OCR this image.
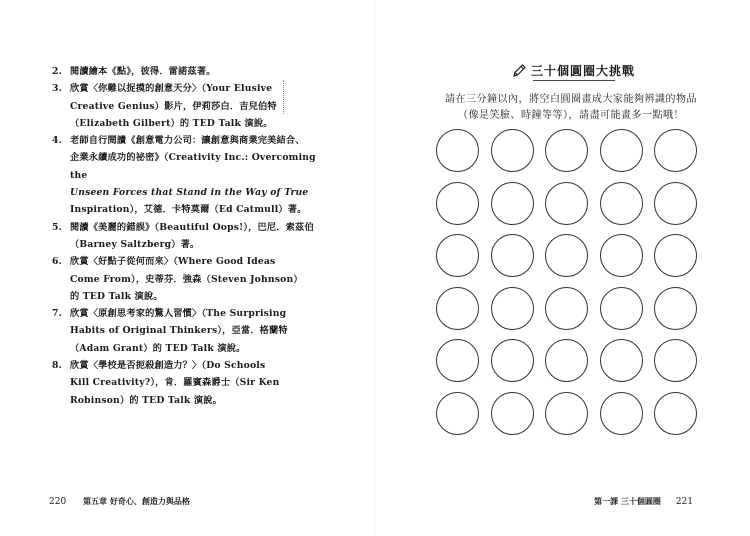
2. 閱讀繪本《點》，彼得．雷諾茲著。
3. 欣賞〈你難以捉摸的創意天分〉（Your Elusive
Creative Genius）影片，伊莉莎白．吉兒伯特
（Elizabeth Gilbert）的 TED Talk 演說。
4. 老師自行閱讀《創意電力公司：讓創意與商業完美結合、
企業永續成功的祕密》（Creativity Inc.: Overcoming the
Unseen Forces that Stand in the Way of True
Inspiration），艾德．卡特莫爾（Ed Catmull）著。
5. 閱讀《美麗的錯誤》（Beautiful Oops!），巴尼．索茲伯
（Barney Saltzberg）著。
6. 欣賞〈好點子從何而來〉（Where Good Ideas
Come From），史蒂芬．強森（Steven Johnson）
的 TED Talk 演說。
7. 欣賞〈原創思考家的驚人習慣〉（The Surprising
Habits of Original Thinkers），亞當．格蘭特
（Adam Grant）的 TED Talk 演說。
8. 欣賞〈學校是否扼殺創造力？〉（Do Schools
Kill Creativity?），肯．羅賓森爵士（Sir Ken
Robinson）的 TED Talk 演說。
220 第五章 好奇心、創造力與品格
三十個圓圈大挑戰
請在三分鐘以內，將空白圓圈畫成大家能夠辨識的物品
（像是笑臉、時鐘等等），請盡可能畫多一點哦！
第一課 三十個圓圈 221
